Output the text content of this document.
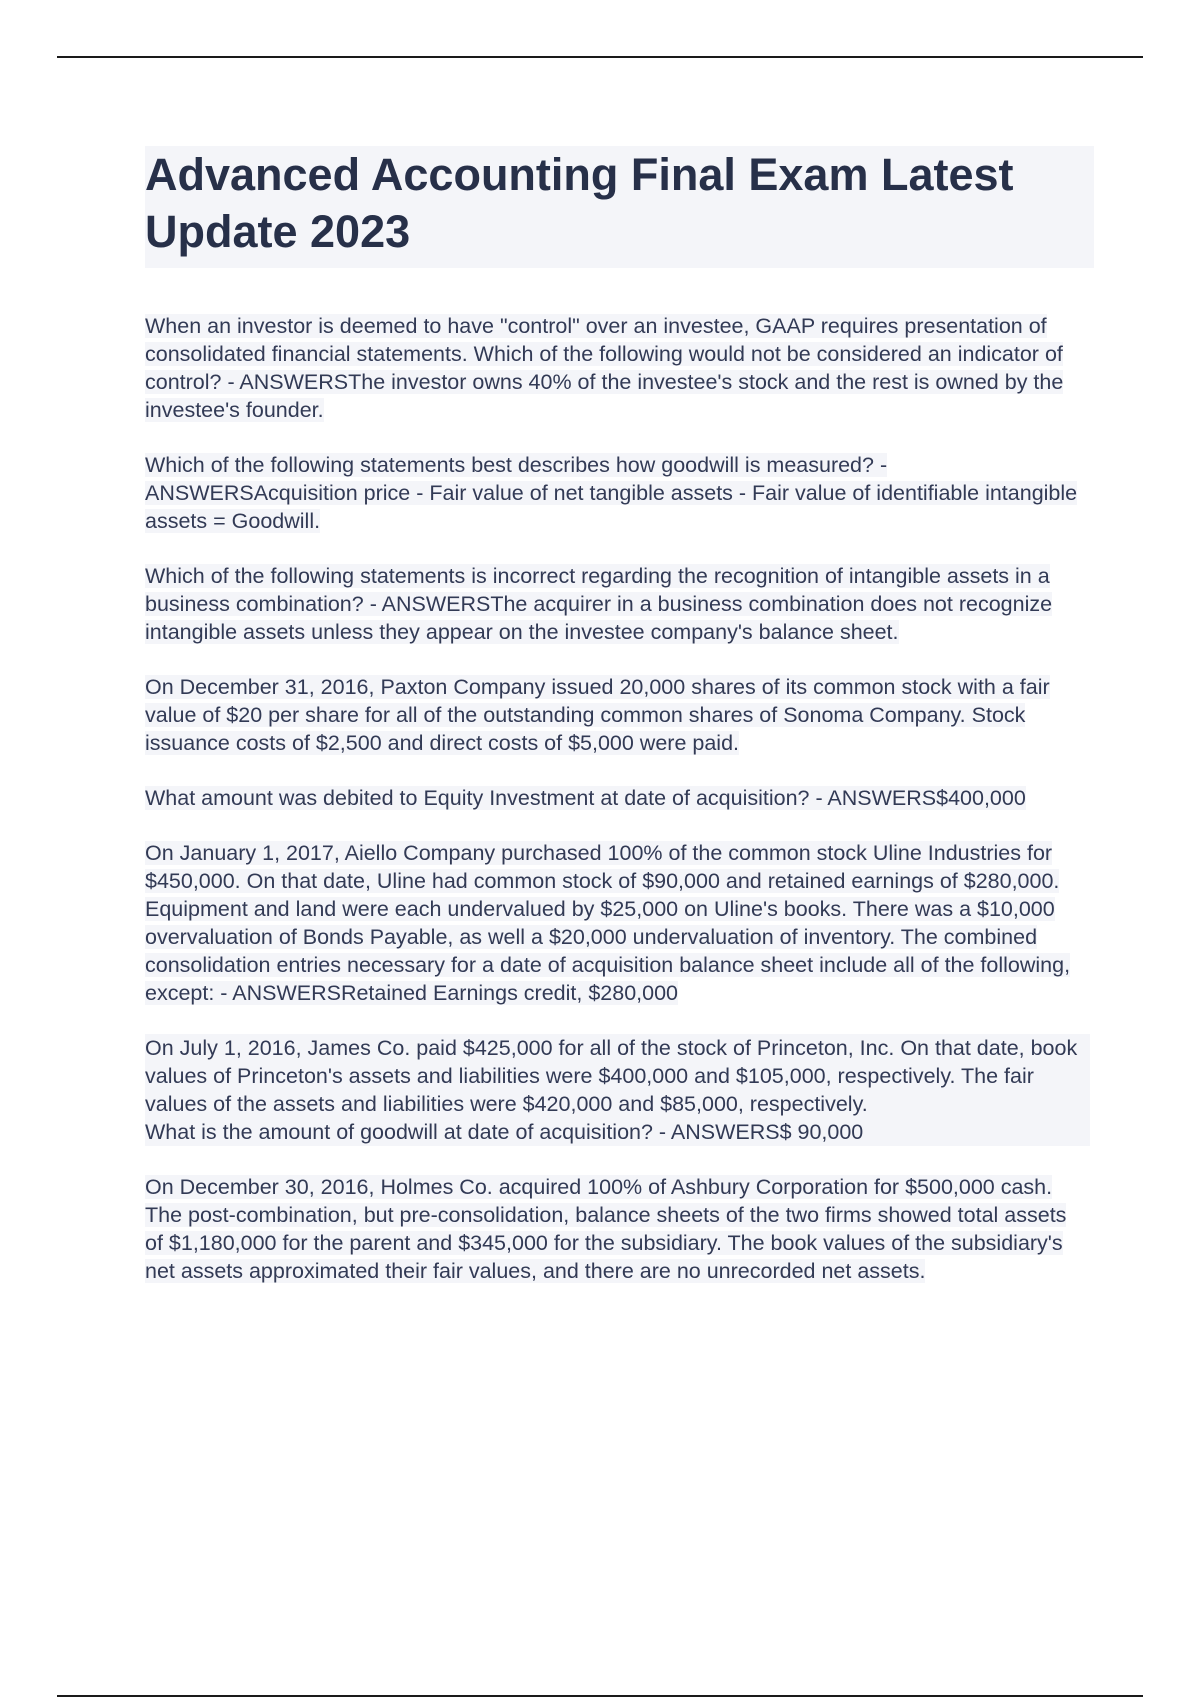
Advanced Accounting Final Exam Latest Update 2023

When an investor is deemed to have "control" over an investee, GAAP requires presentation of consolidated financial statements. Which of the following would not be considered an indicator of control? - ANSWERSThe investor owns 40% of the investee's stock and the rest is owned by the investee's founder.

Which of the following statements best describes how goodwill is measured? - ANSWERSAcquisition price - Fair value of net tangible assets - Fair value of identifiable intangible assets = Goodwill.

Which of the following statements is incorrect regarding the recognition of intangible assets in a business combination? - ANSWERSThe acquirer in a business combination does not recognize intangible assets unless they appear on the investee company's balance sheet.

On December 31, 2016, Paxton Company issued 20,000 shares of its common stock with a fair value of $20 per share for all of the outstanding common shares of Sonoma Company. Stock issuance costs of $2,500 and direct costs of $5,000 were paid.

What amount was debited to Equity Investment at date of acquisition? - ANSWERS$400,000

On January 1, 2017, Aiello Company purchased 100% of the common stock Uline Industries for $450,000. On that date, Uline had common stock of $90,000 and retained earnings of $280,000. Equipment and land were each undervalued by $25,000 on Uline's books. There was a $10,000 overvaluation of Bonds Payable, as well a $20,000 undervaluation of inventory. The combined consolidation entries necessary for a date of acquisition balance sheet include all of the following, except: - ANSWERSRetained Earnings credit, $280,000

On July 1, 2016, James Co. paid $425,000 for all of the stock of Princeton, Inc. On that date, book values of Princeton's assets and liabilities were $400,000 and $105,000, respectively. The fair values of the assets and liabilities were $420,000 and $85,000, respectively.
What is the amount of goodwill at date of acquisition? - ANSWERS$ 90,000

On December 30, 2016, Holmes Co. acquired 100% of Ashbury Corporation for $500,000 cash. The post-combination, but pre-consolidation, balance sheets of the two firms showed total assets of $1,180,000 for the parent and $345,000 for the subsidiary. The book values of the subsidiary's net assets approximated their fair values, and there are no unrecorded net assets.
